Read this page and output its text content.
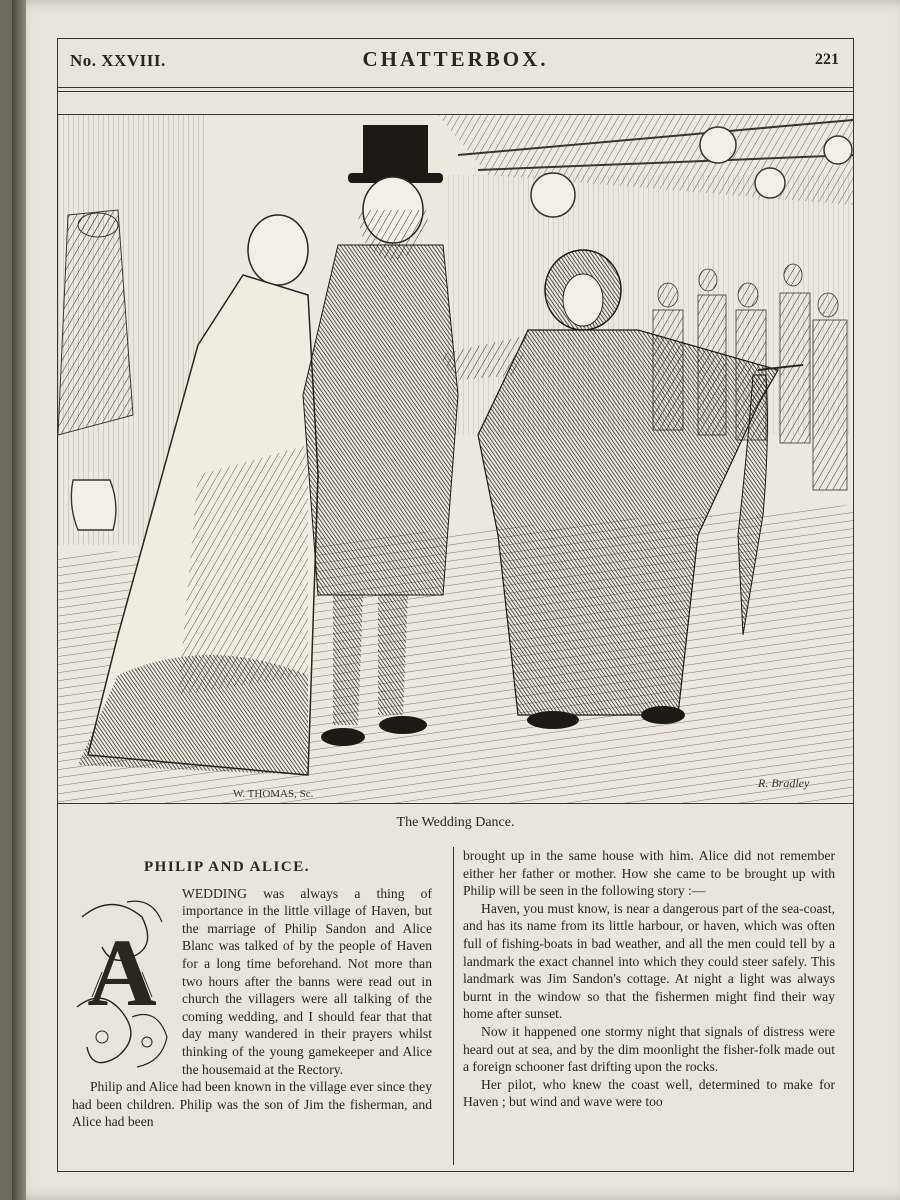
No. XXVIII.	CHATTERBOX.	221
W. THOMAS, Sc.
R. Bradley
The Wedding Dance.
PHILIP AND ALICE.
A

WEDDING was always a thing of importance in the little village of Haven, but the marriage of Philip Sandon and Alice Blanc was talked of by the people of Haven for a long time beforehand. Not more than two hours after the banns were read out in church the villagers were all talking of the coming wedding, and I should fear that that day many wandered in their prayers whilst thinking of the young gamekeeper and Alice the housemaid at the Rectory.

Philip and Alice had been known in the village ever since they had been children. Philip was the son of Jim the fisherman, and Alice had been

brought up in the same house with him. Alice did not remember either her father or mother. How she came to be brought up with Philip will be seen in the following story :—

Haven, you must know, is near a dangerous part of the sea-coast, and has its name from its little harbour, or haven, which was often full of fishing-boats in bad weather, and all the men could tell by a landmark the exact channel into which they could steer safely. This landmark was Jim Sandon's cottage. At night a light was always burnt in the window so that the fishermen might find their way home after sunset.

Now it happened one stormy night that signals of distress were heard out at sea, and by the dim moonlight the fisher-folk made out a foreign schooner fast drifting upon the rocks.

Her pilot, who knew the coast well, determined to make for Haven ; but wind and wave were too
